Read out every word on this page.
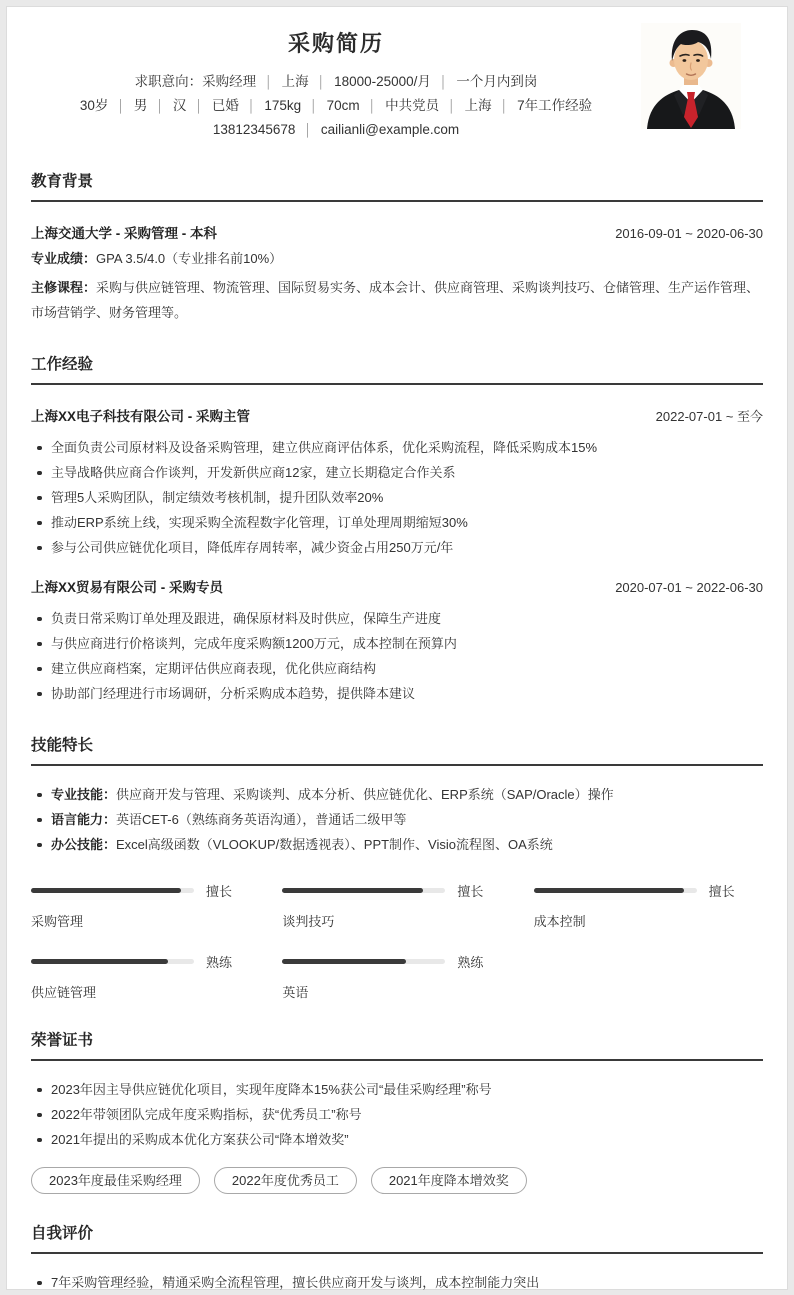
采购简历
求职意向：采购经理 │ 上海 │ 18000-25000/月 │ 一个月内到岗
30岁 │ 男 │ 汉 │ 已婚 │ 175kg │ 70cm │ 中共党员 │ 上海 │ 7年工作经验
13812345678 │ cailianli@example.com
教育背景
上海交通大学 - 采购管理 - 本科	2016-09-01 ~ 2020-06-30
专业成绩：GPA 3.5/4.0（专业排名前10%）
主修课程：采购与供应链管理、物流管理、国际贸易实务、成本会计、供应商管理、采购谈判技巧、仓储管理、生产运作管理、市场营销学、财务管理等。
工作经验
上海XX电子科技有限公司 - 采购主管	2022-07-01 ~ 至今
全面负责公司原材料及设备采购管理，建立供应商评估体系，优化采购流程，降低采购成本15%
主导战略供应商合作谈判，开发新供应商12家，建立长期稳定合作关系
管理5人采购团队，制定绩效考核机制，提升团队效率20%
推动ERP系统上线，实现采购全流程数字化管理，订单处理周期缩短30%
参与公司供应链优化项目，降低库存周转率，减少资金占用250万元/年
上海XX贸易有限公司 - 采购专员	2020-07-01 ~ 2022-06-30
负责日常采购订单处理及跟进，确保原材料及时供应，保障生产进度
与供应商进行价格谈判，完成年度采购额1200万元，成本控制在预算内
建立供应商档案，定期评估供应商表现，优化供应商结构
协助部门经理进行市场调研，分析采购成本趋势，提供降本建议
技能特长
专业技能：供应商开发与管理、采购谈判、成本分析、供应链优化、ERP系统（SAP/Oracle）操作
语言能力：英语CET-6（熟练商务英语沟通），普通话二级甲等
办公技能：Excel高级函数（VLOOKUP/数据透视表）、PPT制作、Visio流程图、OA系统
擅长
采购管理
擅长
谈判技巧
擅长
成本控制
熟练
供应链管理
熟练
英语
荣誉证书
2023年因主导供应链优化项目，实现年度降本15%获公司“最佳采购经理”称号
2022年带领团队完成年度采购指标，获“优秀员工”称号
2021年提出的采购成本优化方案获公司“降本增效奖”
2023年度最佳采购经理	2022年度优秀员工	2021年度降本增效奖
自我评价
7年采购管理经验，精通采购全流程管理，擅长供应商开发与谈判，成本控制能力突出
